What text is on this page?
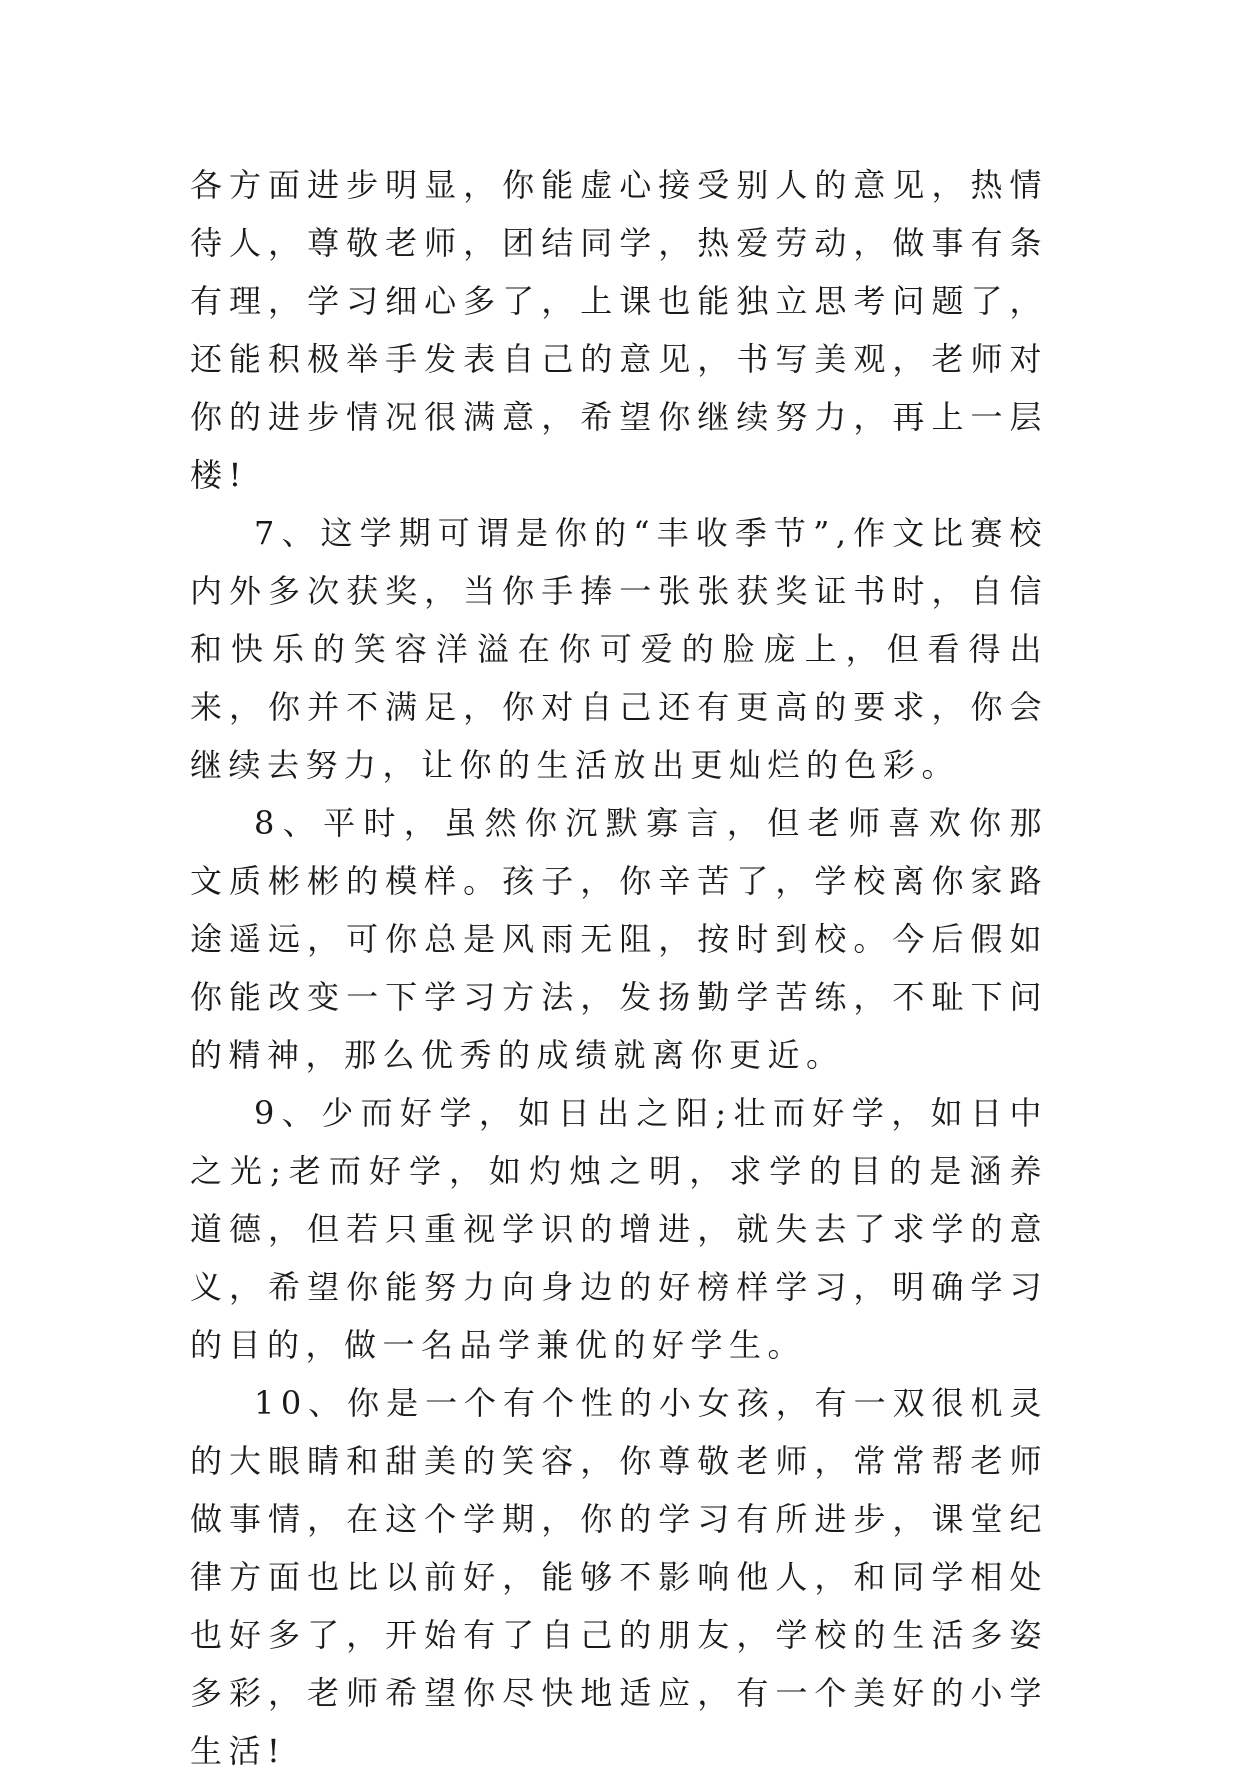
各方面进步明显，你能虚心接受别人的意见，热情待人，尊敬老师，团结同学，热爱劳动，做事有条有理，学习细心多了，上课也能独立思考问题了，还能积极举手发表自己的意见，书写美观，老师对你的进步情况很满意，希望你继续努力，再上一层楼!

7、这学期可谓是你的“丰收季节”,作文比赛校内外多次获奖，当你手捧一张张获奖证书时，自信和快乐的笑容洋溢在你可爱的脸庞上，但看得出来，你并不满足，你对自己还有更高的要求，你会继续去努力，让你的生活放出更灿烂的色彩。

8、平时，虽然你沉默寡言，但老师喜欢你那文质彬彬的模样。孩子，你辛苦了，学校离你家路途遥远，可你总是风雨无阻，按时到校。今后假如你能改变一下学习方法，发扬勤学苦练，不耻下问的精神，那么优秀的成绩就离你更近。

9、少而好学，如日出之阳;壮而好学，如日中之光;老而好学，如灼烛之明，求学的目的是涵养道德，但若只重视学识的增进，就失去了求学的意义，希望你能努力向身边的好榜样学习，明确学习的目的，做一名品学兼优的好学生。

10、你是一个有个性的小女孩，有一双很机灵的大眼睛和甜美的笑容，你尊敬老师，常常帮老师做事情，在这个学期，你的学习有所进步，课堂纪律方面也比以前好，能够不影响他人，和同学相处也好多了，开始有了自己的朋友，学校的生活多姿多彩，老师希望你尽快地适应，有一个美好的小学生活!
